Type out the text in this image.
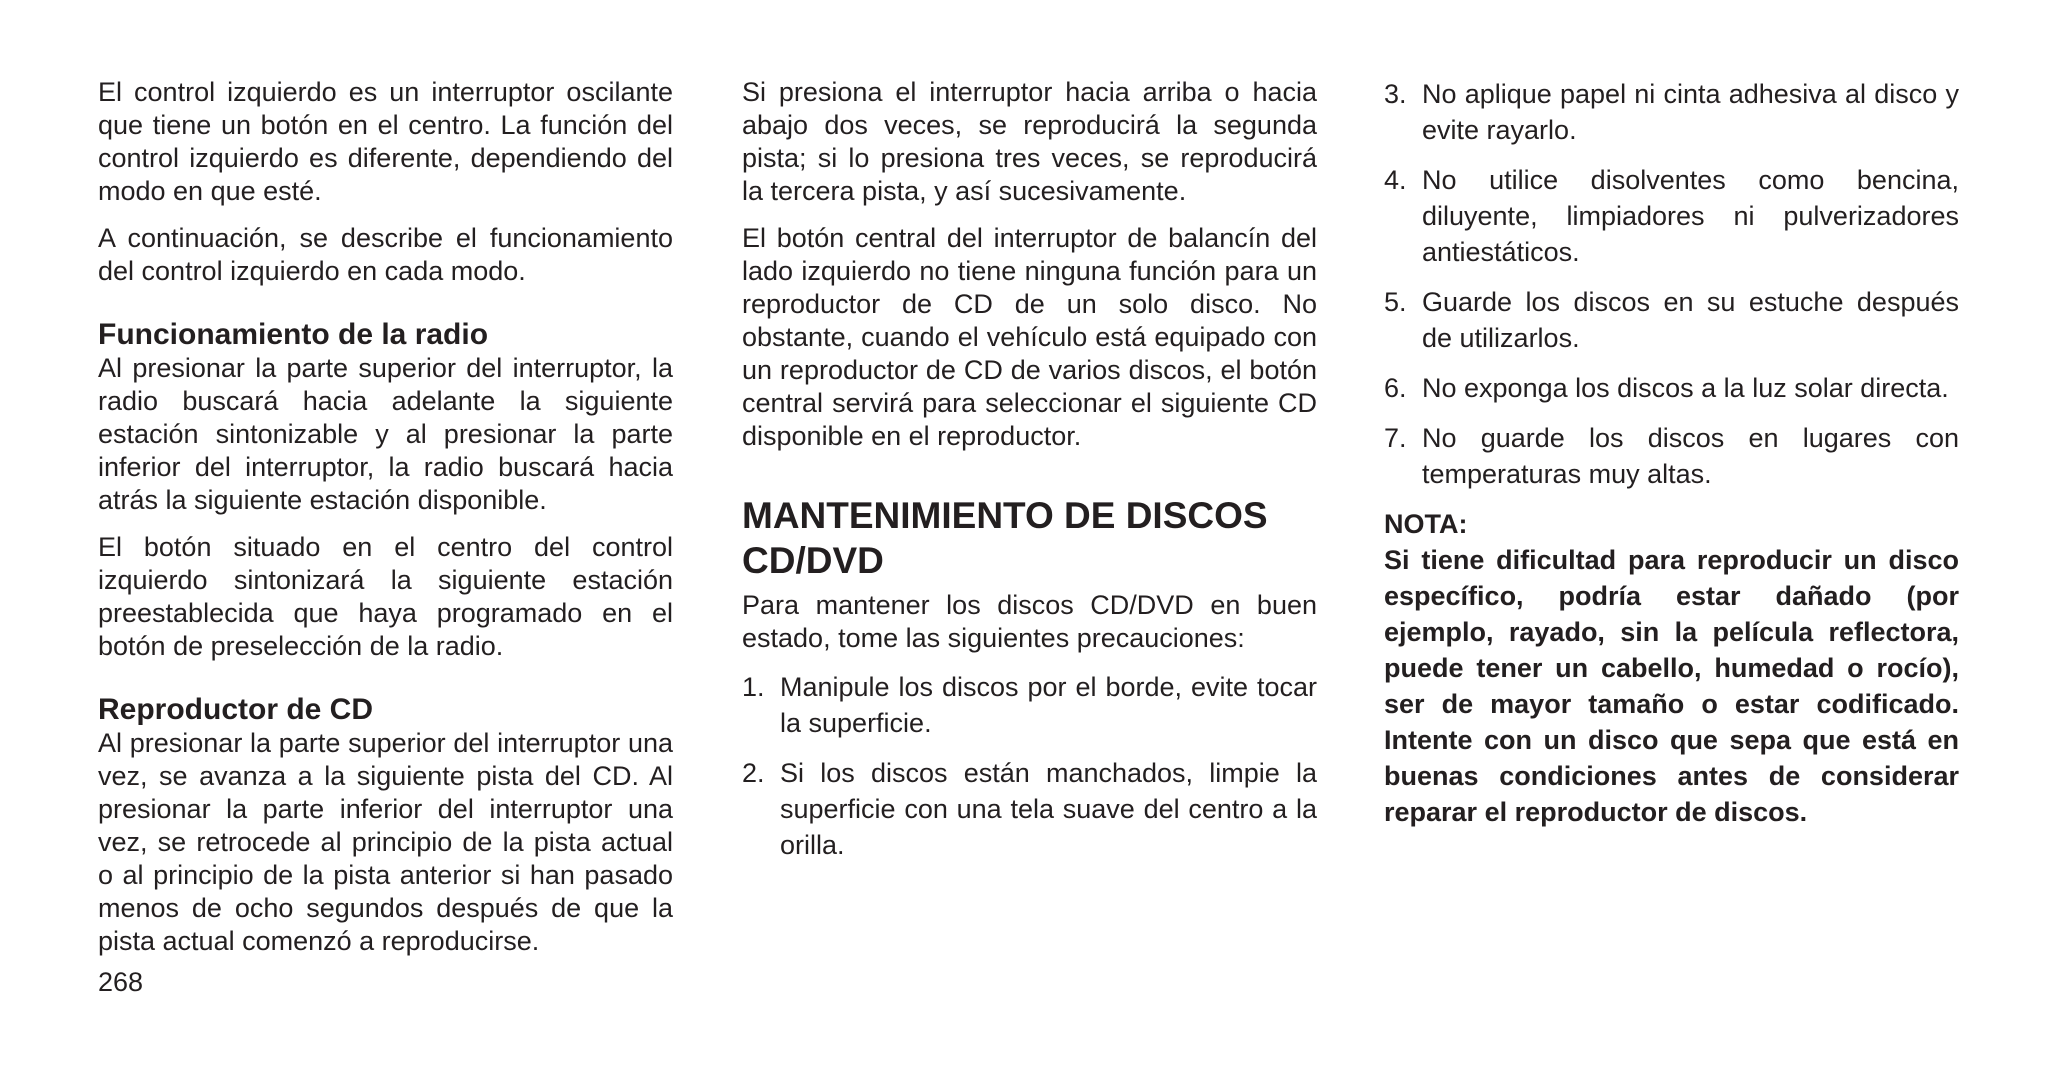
El control izquierdo es un interruptor oscilante que tiene un botón en el centro. La función del control izquierdo es diferente, dependiendo del modo en que esté.

A continuación, se describe el funcionamiento del control izquierdo en cada modo.

Funcionamiento de la radio

Al presionar la parte superior del interruptor, la radio buscará hacia adelante la siguiente estación sintonizable y al presionar la parte inferior del interruptor, la radio buscará hacia atrás la siguiente estación disponible.

El botón situado en el centro del control izquierdo sintonizará la siguiente estación preestablecida que haya programado en el botón de preselección de la radio.

Reproductor de CD

Al presionar la parte superior del interruptor una vez, se avanza a la siguiente pista del CD. Al presionar la parte inferior del interruptor una vez, se retrocede al principio de la pista actual o al principio de la pista anterior si han pasado menos de ocho segundos después de que la pista actual comenzó a reproducirse.

Si presiona el interruptor hacia arriba o hacia abajo dos veces, se reproducirá la segunda pista; si lo presiona tres veces, se reproducirá la tercera pista, y así sucesivamente.

El botón central del interruptor de balancín del lado izquierdo no tiene ninguna función para un reproductor de CD de un solo disco. No obstante, cuando el vehículo está equipado con un reproductor de CD de varios discos, el botón central servirá para seleccionar el siguiente CD disponible en el reproductor.

MANTENIMIENTO DE DISCOS CD/DVD

Para mantener los discos CD/DVD en buen estado, tome las siguientes precauciones:

1. Manipule los discos por el borde, evite tocar la superficie.
2. Si los discos están manchados, limpie la superficie con una tela suave del centro a la orilla.
3. No aplique papel ni cinta adhesiva al disco y evite rayarlo.
4. No utilice disolventes como bencina, diluyente, limpiadores ni pulverizadores antiestáticos.
5. Guarde los discos en su estuche después de utilizarlos.
6. No exponga los discos a la luz solar directa.
7. No guarde los discos en lugares con temperaturas muy altas.
NOTA:

Si tiene dificultad para reproducir un disco específico, podría estar dañado (por ejemplo, rayado, sin la película reflectora, puede tener un cabello, humedad o rocío), ser de mayor tamaño o estar codificado. Intente con un disco que sepa que está en buenas condiciones antes de considerar reparar el reproductor de discos.

268
